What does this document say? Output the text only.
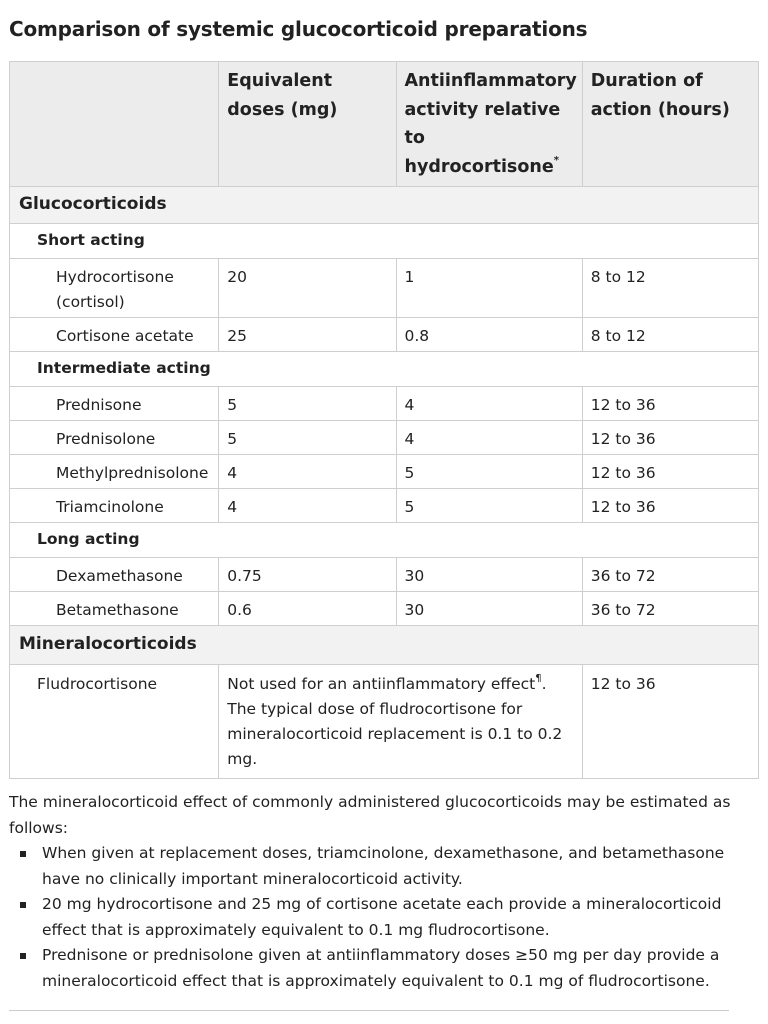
Comparison of systemic glucocorticoid preparations
	Equivalent doses (mg)	Antiinflammatory activity relative to hydrocortisone*	Duration of action (hours)
Glucocorticoids			
Short acting			
Hydrocortisone (cortisol)	20	1	8 to 12
Cortisone acetate	25	0.8	8 to 12
Intermediate acting			
Prednisone	5	4	12 to 36
Prednisolone	5	4	12 to 36
Methylprednisolone	4	5	12 to 36
Triamcinolone	4	5	12 to 36
Long acting			
Dexamethasone	0.75	30	36 to 72
Betamethasone	0.6	30	36 to 72
Mineralocorticoids			
Fludrocortisone	Not used for an antiinflammatory effect¶. The typical dose of fludrocortisone for mineralocorticoid replacement is 0.1 to 0.2 mg.		12 to 36

The mineralocorticoid effect of commonly administered glucocorticoids may be estimated as follows:

When given at replacement doses, triamcinolone, dexamethasone, and betamethasone have no clinically important mineralocorticoid activity.
20 mg hydrocortisone and 25 mg of cortisone acetate each provide a mineralocorticoid effect that is approximately equivalent to 0.1 mg fludrocortisone.
Prednisone or prednisolone given at antiinflammatory doses ≥50 mg per day provide a mineralocorticoid effect that is approximately equivalent to 0.1 mg of fludrocortisone.
